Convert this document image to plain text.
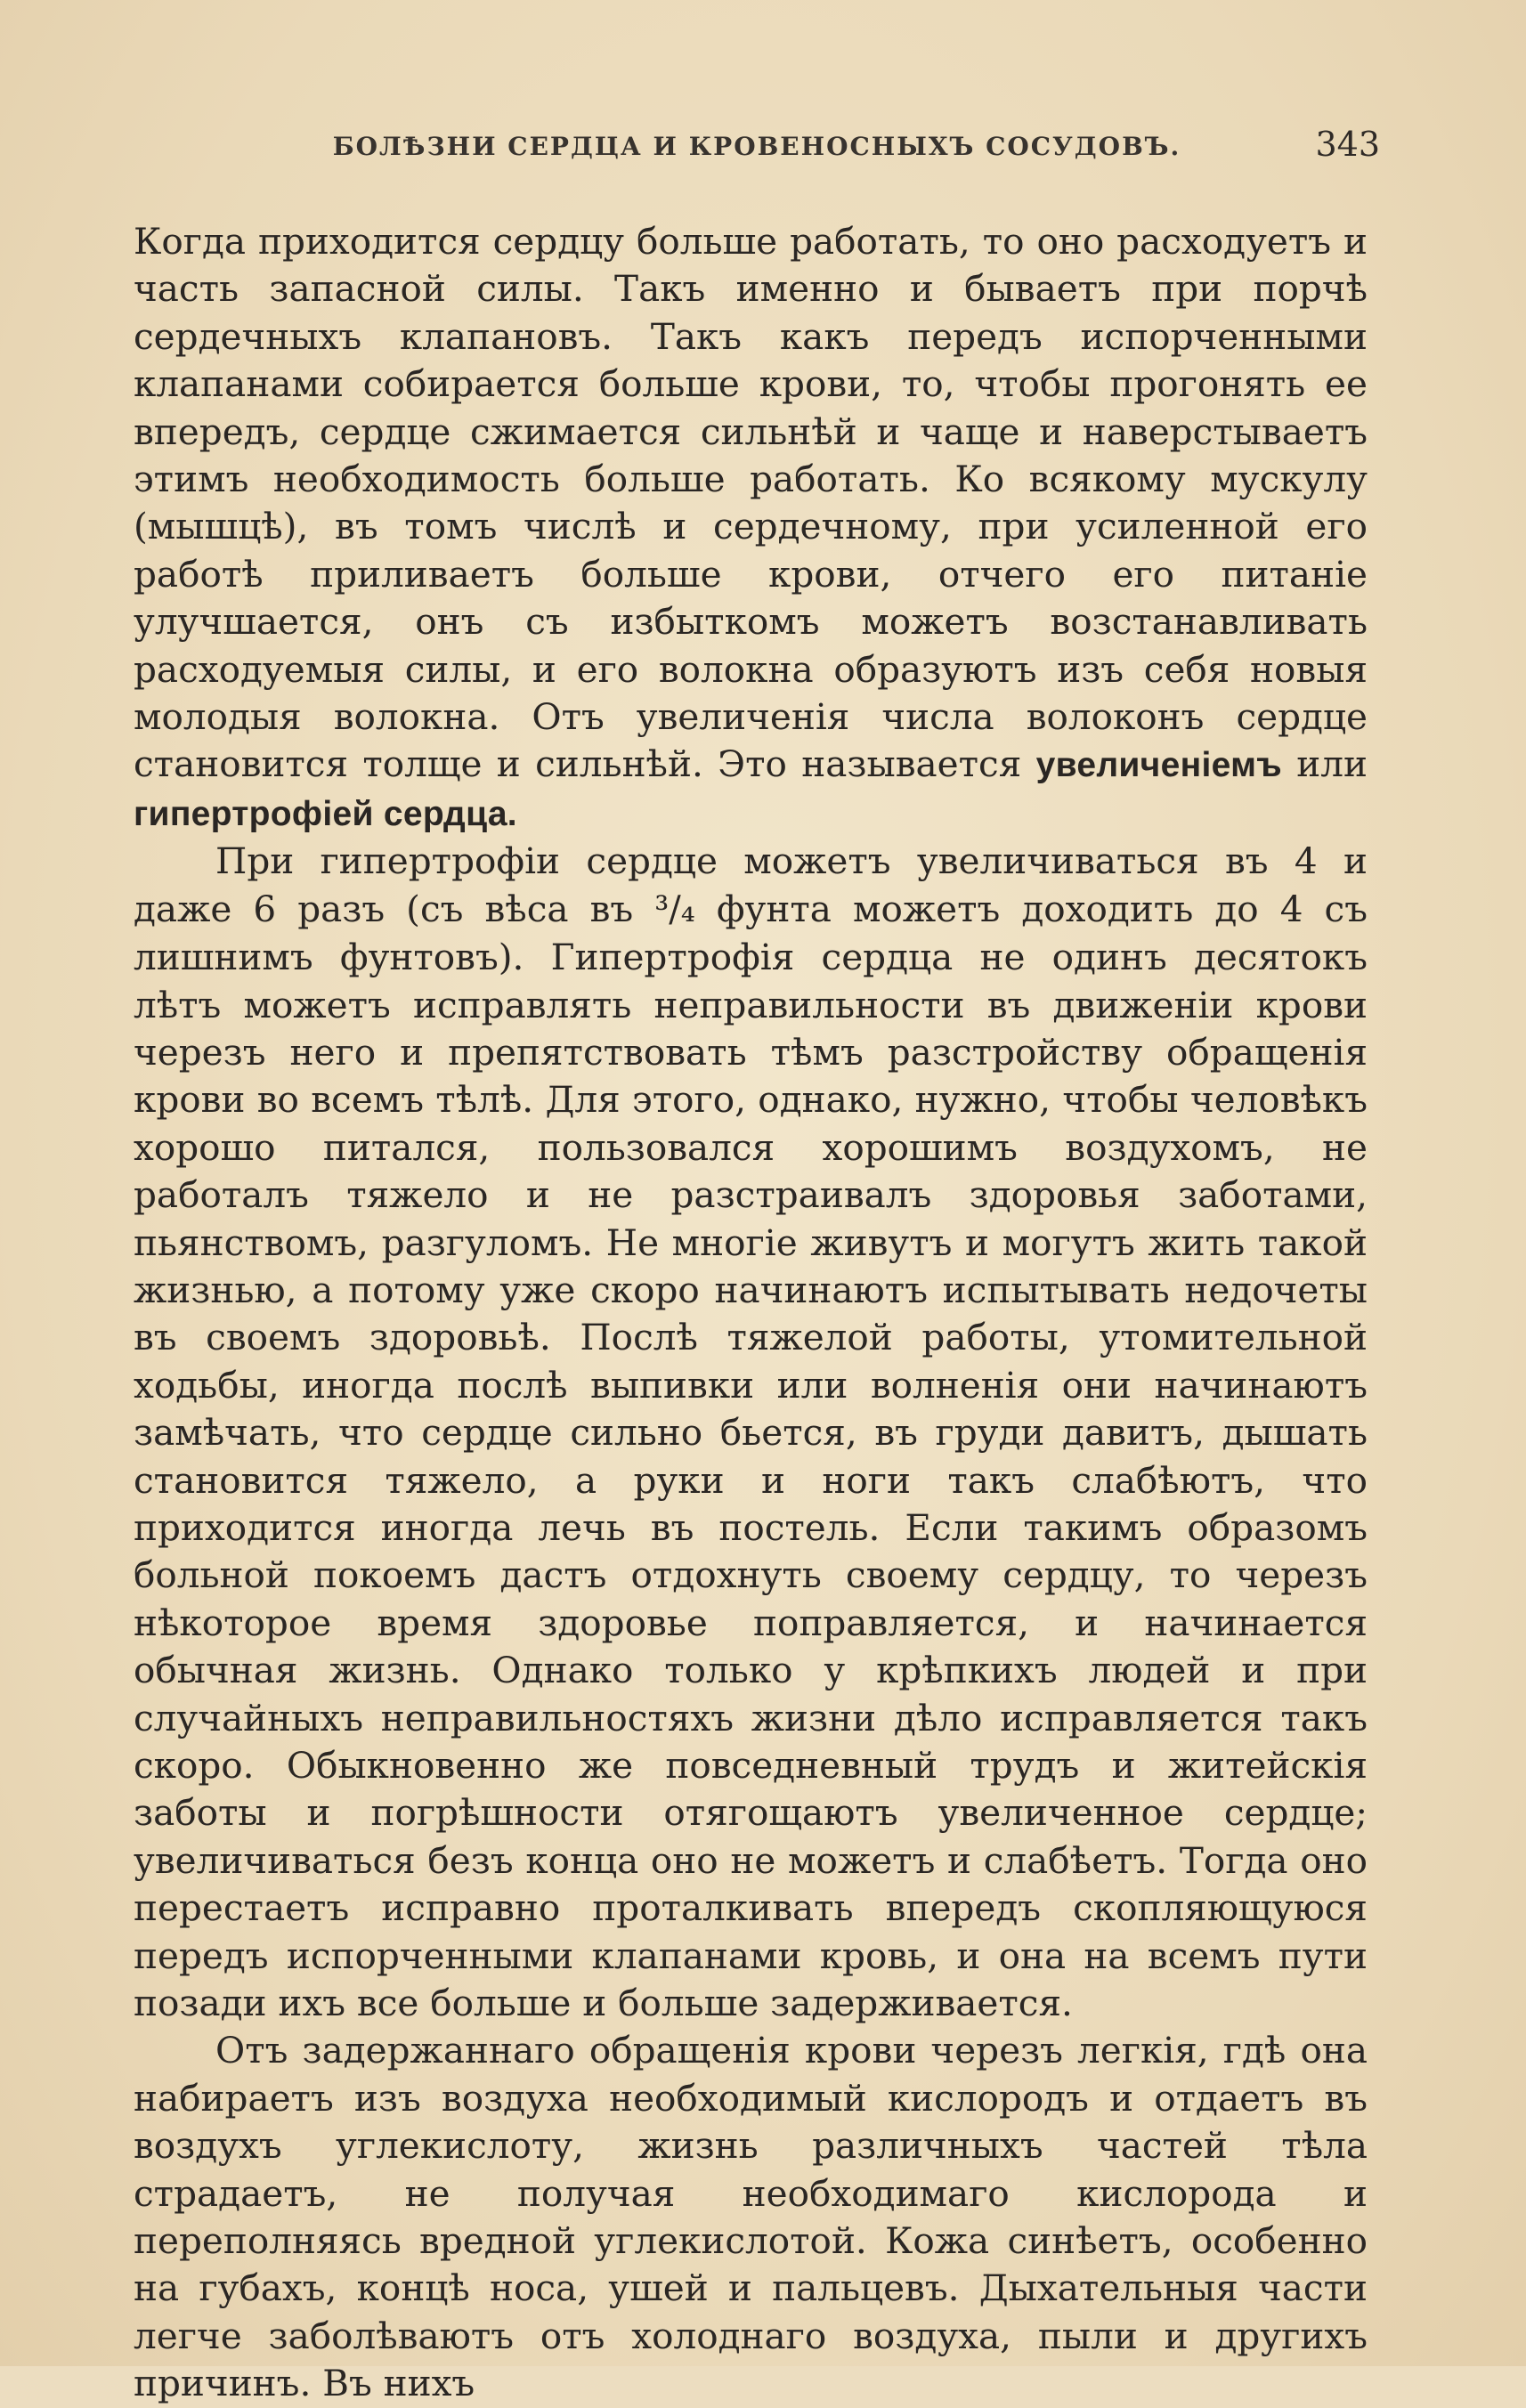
БОЛѢЗНИ СЕРДЦА И КРОВЕНОСНЫХЪ СОСУДОВЪ.	343

Когда приходится сердцу больше работать, то оно расходуетъ и часть запасной силы. Такъ именно и бываетъ при порчѣ сердечныхъ клапановъ. Такъ какъ передъ испорченными клапанами собирается больше крови, то, чтобы прогонять ее впередъ, сердце сжимается сильнѣй и чаще и наверстываетъ этимъ необходимость больше работать. Ко всякому мускулу (мышцѣ), въ томъ числѣ и сердечному, при усиленной его работѣ приливаетъ больше крови, отчего его питаніе улучшается, онъ съ избыткомъ можетъ возстанавливать расходуемыя силы, и его волокна образуютъ изъ себя новыя молодыя волокна. Отъ увеличенія числа волоконъ сердце становится толще и сильнѣй. Это называется увеличеніемъ или гипертрофіей сердца.

При гипертрофіи сердце можетъ увеличиваться въ 4 и даже 6 разъ (съ вѣса въ ³/₄ фунта можетъ доходить до 4 съ лишнимъ фунтовъ). Гипертрофія сердца не одинъ десятокъ лѣтъ можетъ исправлять неправильности въ движеніи крови черезъ него и препятствовать тѣмъ разстройству обращенія крови во всемъ тѣлѣ. Для этого, однако, нужно, чтобы человѣкъ хорошо питался, пользовался хорошимъ воздухомъ, не работалъ тяжело и не разстраивалъ здоровья заботами, пьянствомъ, разгуломъ. Не многіе живутъ и могутъ жить такой жизнью, а потому уже скоро начинаютъ испытывать недочеты въ своемъ здоровьѣ. Послѣ тяжелой работы, утомительной ходьбы, иногда послѣ выпивки или волненія они начинаютъ замѣчать, что сердце сильно бьется, въ груди давитъ, дышать становится тяжело, а руки и ноги такъ слабѣютъ, что приходится иногда лечь въ постель. Если такимъ образомъ больной покоемъ дастъ отдохнуть своему сердцу, то черезъ нѣкоторое время здоровье поправляется, и начинается обычная жизнь. Однако только у крѣпкихъ людей и при случайныхъ неправильностяхъ жизни дѣло исправляется такъ скоро. Обыкновенно же повседневный трудъ и житейскія заботы и погрѣшности отягощаютъ увеличенное сердце; увеличиваться безъ конца оно не можетъ и слабѣетъ. Тогда оно перестаетъ исправно проталкивать впередъ скопляющуюся передъ испорченными клапанами кровь, и она на всемъ пути позади ихъ все больше и больше задерживается.

Отъ задержаннаго обращенія крови черезъ легкія, гдѣ она набираетъ изъ воздуха необходимый кислородъ и отдаетъ въ воздухъ углекислоту, жизнь различныхъ частей тѣла страдаетъ, не получая необходимаго кислорода и переполняясь вредной углекислотой. Кожа синѣетъ, особенно на губахъ, концѣ носа, ушей и пальцевъ. Дыхательныя части легче заболѣваютъ отъ холоднаго воздуха, пыли и другихъ причинъ. Въ нихъ
